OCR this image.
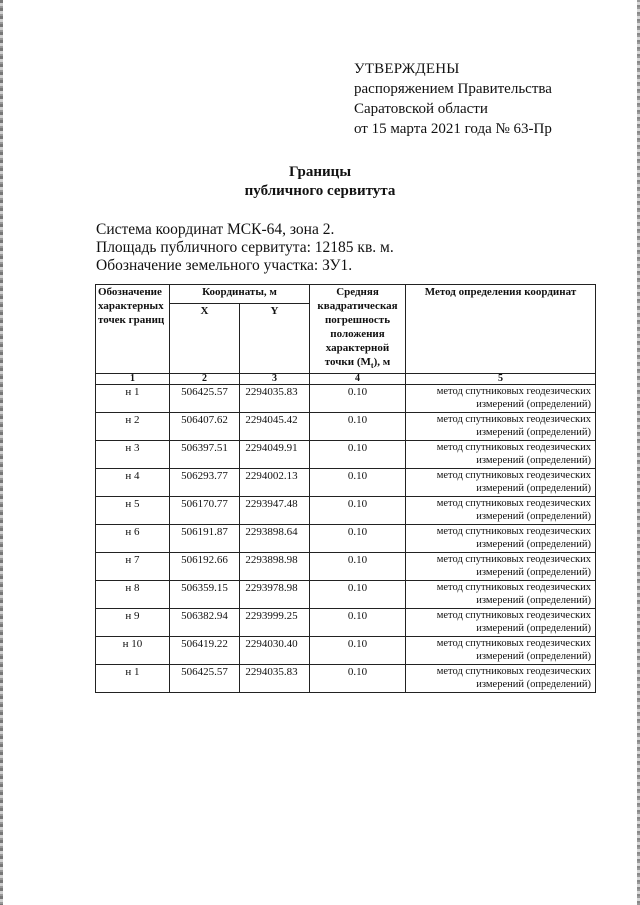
УТВЕРЖДЕНЫ
распоряжением Правительства
Саратовской области
от 15 марта 2021 года № 63-Пр
Границы
публичного сервитута
Система координат МСК-64, зона 2.
Площадь публичного сервитута: 12185 кв. м.
Обозначение земельного участка: ЗУ1.
Обозначение характерных точек границ	Координаты, м		Средняя квадратическая погрешность положения характерной точки $(M_t)$, м	Метод определения координат
	X	Y		
1	2	3	4	5
н 1	506425.57	2294035.83	0.10	метод спутниковых геодезических измерений (определений)
н 2	506407.62	2294045.42	0.10	метод спутниковых геодезических измерений (определений)
н 3	506397.51	2294049.91	0.10	метод спутниковых геодезических измерений (определений)
н 4	506293.77	2294002.13	0.10	метод спутниковых геодезических измерений (определений)
н 5	506170.77	2293947.48	0.10	метод спутниковых геодезических измерений (определений)
н 6	506191.87	2293898.64	0.10	метод спутниковых геодезических измерений (определений)
н 7	506192.66	2293898.98	0.10	метод спутниковых геодезических измерений (определений)
н 8	506359.15	2293978.98	0.10	метод спутниковых геодезических измерений (определений)
н 9	506382.94	2293999.25	0.10	метод спутниковых геодезических измерений (определений)
н 10	506419.22	2294030.40	0.10	метод спутниковых геодезических измерений (определений)
н 1	506425.57	2294035.83	0.10	метод спутниковых геодезических измерений (определений)
